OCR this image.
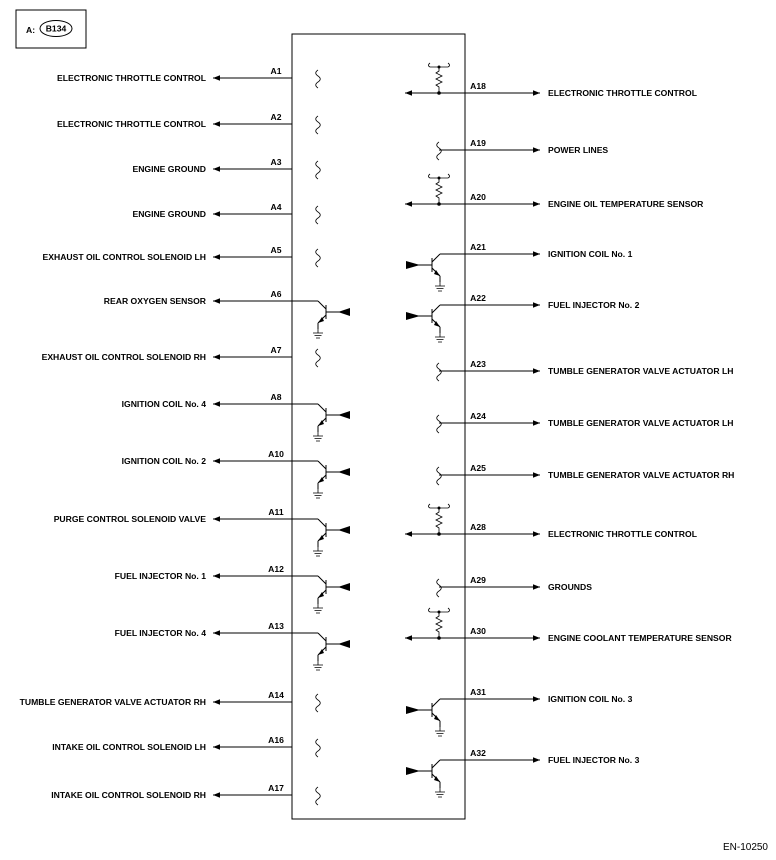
A: B134
A1
ELECTRONIC THROTTLE CONTROL
A2
ELECTRONIC THROTTLE CONTROL
A3
ENGINE GROUND
A4
ENGINE GROUND
A5
EXHAUST OIL CONTROL SOLENOID LH
A6
REAR OXYGEN SENSOR
A7
EXHAUST OIL CONTROL SOLENOID RH
A8
IGNITION COIL No. 4
A10
IGNITION COIL No. 2
A11
PURGE CONTROL SOLENOID VALVE
A12
FUEL INJECTOR No. 1
A13
FUEL INJECTOR No. 4
A14
TUMBLE GENERATOR VALVE ACTUATOR RH
A16
INTAKE OIL CONTROL SOLENOID LH
A17
INTAKE OIL CONTROL SOLENOID RH
A18
ELECTRONIC THROTTLE CONTROL
A19
POWER LINES
A20
ENGINE OIL TEMPERATURE SENSOR
A21
IGNITION COIL No. 1
A22
FUEL INJECTOR No. 2
A23
TUMBLE GENERATOR VALVE ACTUATOR LH
A24
TUMBLE GENERATOR VALVE ACTUATOR LH
A25
TUMBLE GENERATOR VALVE ACTUATOR RH
A28
ELECTRONIC THROTTLE CONTROL
A29
GROUNDS
A30
ENGINE COOLANT TEMPERATURE SENSOR
A31
IGNITION COIL No. 3
A32
FUEL INJECTOR No. 3
EN-10250
